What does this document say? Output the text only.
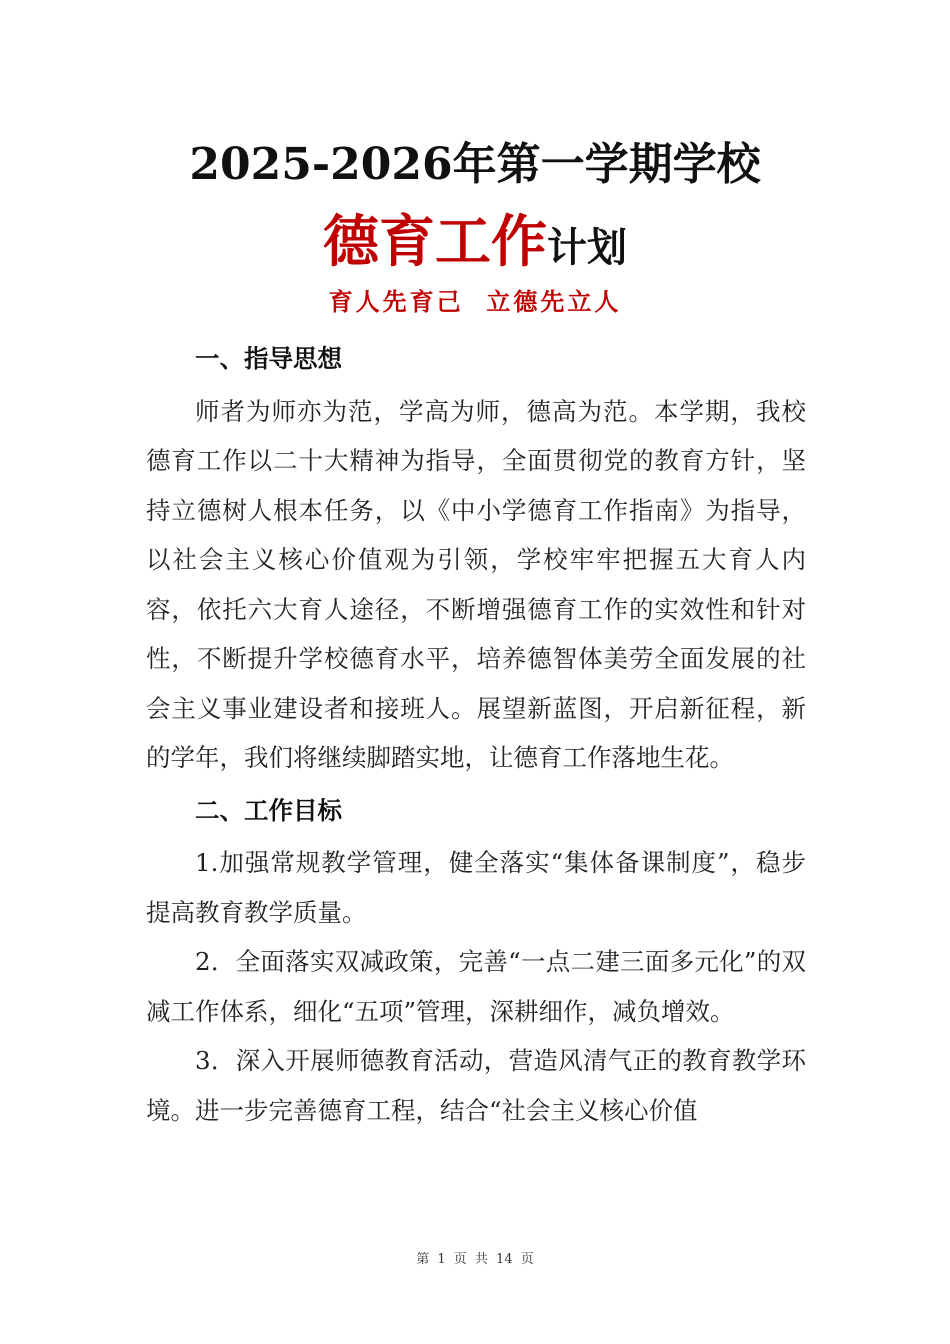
2025-2026年第一学期学校
德育工作计划
育人先育己  立德先立人

一、指导思想

师者为师亦为范，学高为师，德高为范。本学期，我校德育工作以二十大精神为指导，全面贯彻党的教育方针，坚持立德树人根本任务，以《中小学德育工作指南》为指导，以社会主义核心价值观为引领，学校牢牢把握五大育人内容，依托六大育人途径，不断增强德育工作的实效性和针对性，不断提升学校德育水平，培养德智体美劳全面发展的社会主义事业建设者和接班人。展望新蓝图，开启新征程，新的学年，我们将继续脚踏实地，让德育工作落地生花。

二、工作目标

1.加强常规教学管理，健全落实“集体备课制度”，稳步提高教育教学质量。

2．全面落实双减政策，完善“一点二建三面多元化”的双减工作体系，细化“五项”管理，深耕细作，减负增效。

3．深入开展师德教育活动，营造风清气正的教育教学环境。进一步完善德育工程，结合“社会主义核心价值

第 1 页 共 14 页
